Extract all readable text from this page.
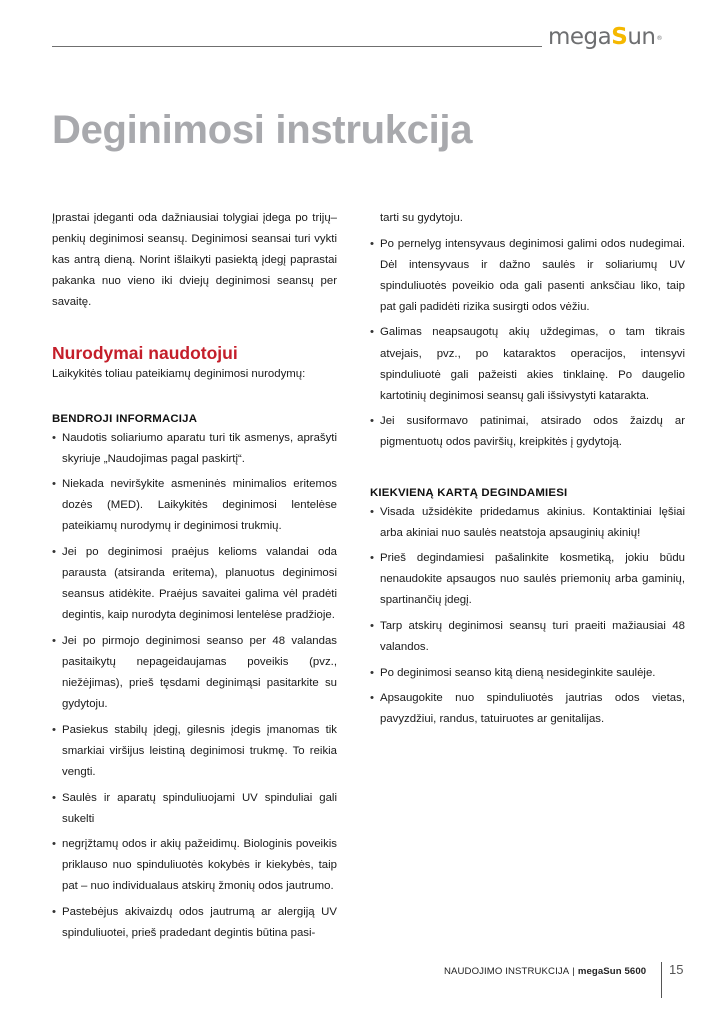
megaSun®
Deginimosi instrukcija

Įprastai įdeganti oda dažniausiai tolygiai įdega po trijų–penkių deginimosi seansų. Deginimosi seansai turi vykti kas antrą dieną. Norint išlaikyti pasiektą įdegį paprastai pakanka nuo vieno iki dviejų deginimosi seansų per savaitę.

Nurodymai naudotojui

Laikykitės toliau pateikiamų deginimosi nurodymų:

BENDROJI INFORMACIJA
• Naudotis soliariumo aparatu turi tik asmenys, aprašyti skyriuje „Naudojimas pagal paskirtį“.
• Niekada neviršykite asmeninės minimalios eritemos dozės (MED). Laikykitės deginimosi lentelėse pateikiamų nurodymų ir deginimosi trukmių.
• Jei po deginimosi praėjus kelioms valandai oda parausta (atsiranda eritema), planuotus deginimosi seansus atidėkite. Praėjus savaitei galima vėl pradėti degintis, kaip nurodyta deginimosi lentelėse pradžioje.
• Jei po pirmojo deginimosi seanso per 48 valandas pasitaikytų nepageidaujamas poveikis (pvz., niežėjimas), prieš tęsdami deginimąsi pasitarkite su gydytoju.
• Pasiekus stabilų įdegį, gilesnis įdegis įmanomas tik smarkiai viršijus leistiną deginimosi trukmę. To reikia vengti.
• Saulės ir aparatų spinduliuojami UV spinduliai gali sukelti
• negrįžtamų odos ir akių pažeidimų. Biologinis poveikis priklauso nuo spinduliuotės kokybės ir kiekybės, taip pat – nuo individualaus atskirų žmonių odos jautrumo.
• Pastebėjus akivaizdų odos jautrumą ar alergiją UV spinduliuotei, prieš pradedant degintis būtina pasi-
tarti su gydytoju.
• Po pernelyg intensyvaus deginimosi galimi odos nudegimai. Dėl intensyvaus ir dažno saulės ir soliariumų UV spinduliuotės poveikio oda gali pasenti anksčiau liko, taip pat gali padidėti rizika susirgti odos vėžiu.
• Galimas neapsaugotų akių uždegimas, o tam tikrais atvejais, pvz., po kataraktos operacijos, intensyvi spinduliuotė gali pažeisti akies tinklainę. Po daugelio kartotinių deginimosi seansų gali išsivystyti katarakta.
• Jei susiformavo patinimai, atsirado odos žaizdų ar pigmentuotų odos paviršių, kreipkitės į gydytoją.
KIEKVIENĄ KARTĄ DEGINDAMIESI
• Visada užsidėkite pridedamus akinius. Kontaktiniai lęšiai arba akiniai nuo saulės neatstoja apsauginių akinių!
• Prieš degindamiesi pašalinkite kosmetiką, jokiu būdu nenaudokite apsaugos nuo saulės priemonių arba gaminių, spartinančių įdegį.
• Tarp atskirų deginimosi seansų turi praeiti mažiausiai 48 valandos.
• Po deginimosi seanso kitą dieną nesideginkite saulėje.
• Apsaugokite nuo spinduliuotės jautrias odos vietas, pavyzdžiui, randus, tatuiruotes ar genitalijas.
NAUDOJIMO INSTRUKCIJA | megaSun 5600 15
